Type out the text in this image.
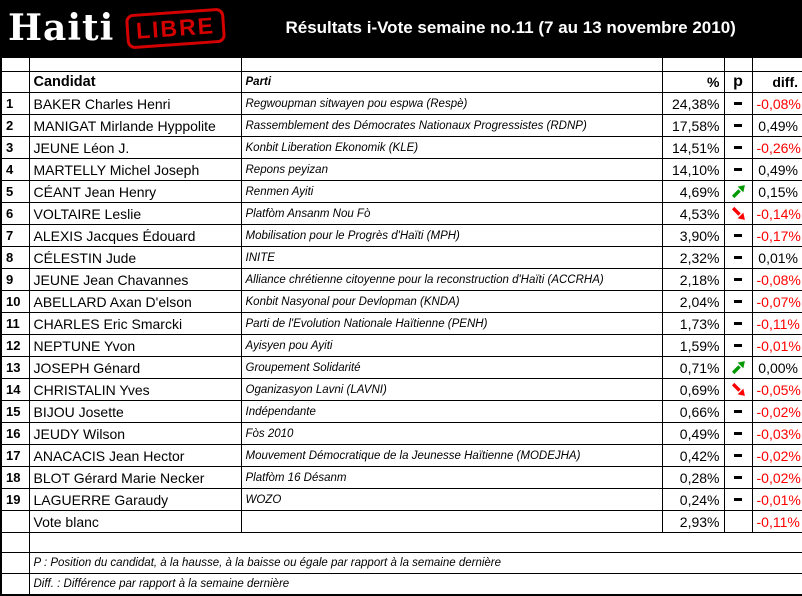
Haiti LIBRE	Résultats i-Vote semaine no.11 (7 au 13 novembre 2010)

	Candidat	Parti	%	p	diff.
1	BAKER Charles Henri	Regwoupman sitwayen pou espwa (Respè)	24,38%		-0,08%
2	MANIGAT Mirlande Hyppolite	Rassemblement des Démocrates Nationaux Progressistes (RDNP)	17,58%		0,49%
3	JEUNE Léon J.	Konbit Liberation Ekonomik (KLE)	14,51%		-0,26%
4	MARTELLY Michel Joseph	Repons peyizan	14,10%		0,49%
5	CÉANT Jean Henry	Renmen Ayiti	4,69%		0,15%
6	VOLTAIRE Leslie	Platfòm Ansanm Nou Fò	4,53%		-0,14%
7	ALEXIS Jacques Édouard	Mobilisation pour le Progrès d'Haïti (MPH)	3,90%		-0,17%
8	CÉLESTIN Jude	INITE	2,32%		0,01%
9	JEUNE Jean Chavannes	Alliance chrétienne citoyenne pour la reconstruction d'Haïti (ACCRHA)	2,18%		-0,08%
10	ABELLARD Axan D'elson	Konbit Nasyonal pour Devlopman (KNDA)	2,04%		-0,07%
11	CHARLES Eric Smarcki	Parti de l'Evolution Nationale Haïtienne (PENH)	1,73%		-0,11%
12	NEPTUNE Yvon	Ayisyen pou Ayiti	1,59%		-0,01%
13	JOSEPH Génard	Groupement Solidarité	0,71%		0,00%
14	CHRISTALIN Yves	Oganizasyon Lavni (LAVNI)	0,69%		-0,05%
15	BIJOU Josette	Indépendante	0,66%		-0,02%
16	JEUDY Wilson	Fòs 2010	0,49%		-0,03%
17	ANACACIS Jean Hector	Mouvement Démocratique de la Jeunesse Haïtienne (MODEJHA)	0,42%		-0,02%
18	BLOT Gérard Marie Necker	Platfòm 16 Désanm	0,28%		-0,02%
19	LAGUERRE Garaudy	WOZO	0,24%		-0,01%
	Vote blanc		2,93%		-0,11%

	P : Position du candidat, à la hausse, à la baisse ou égale par rapport à la semaine dernière				
	Diff. : Différence par rapport à la semaine dernière				
